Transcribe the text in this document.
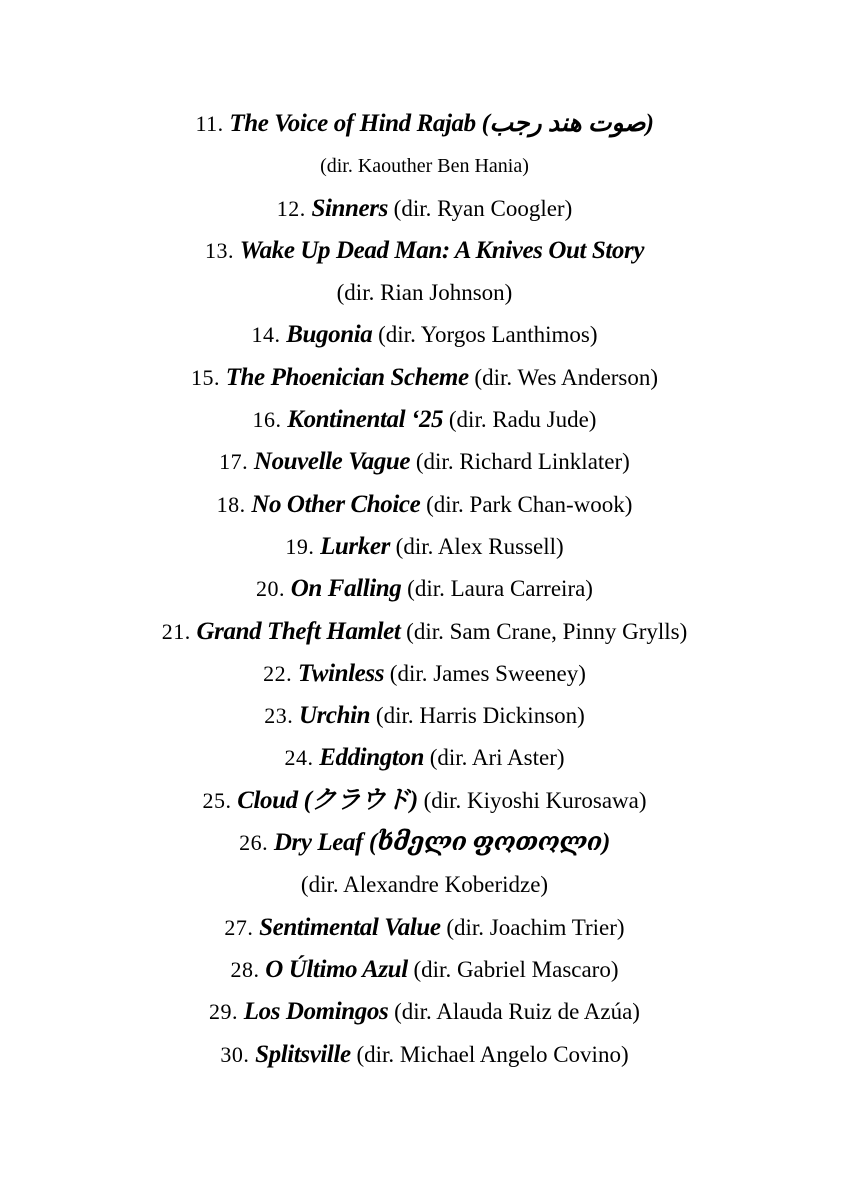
11. The Voice of Hind Rajab (صوت هند رجب)
(dir. Kaouther Ben Hania)
12. Sinners (dir. Ryan Coogler)
13. Wake Up Dead Man: A Knives Out Story
(dir. Rian Johnson)
14. Bugonia (dir. Yorgos Lanthimos)
15. The Phoenician Scheme (dir. Wes Anderson)
16. Kontinental ‘25 (dir. Radu Jude)
17. Nouvelle Vague (dir. Richard Linklater)
18. No Other Choice (dir. Park Chan-wook)
19. Lurker (dir. Alex Russell)
20. On Falling (dir. Laura Carreira)
21. Grand Theft Hamlet (dir. Sam Crane, Pinny Grylls)
22. Twinless (dir. James Sweeney)
23. Urchin (dir. Harris Dickinson)
24. Eddington (dir. Ari Aster)
25. Cloud (クラウド) (dir. Kiyoshi Kurosawa)
26. Dry Leaf (ხმელი ფოთოლი)
(dir. Alexandre Koberidze)
27. Sentimental Value (dir. Joachim Trier)
28. O Último Azul (dir. Gabriel Mascaro)
29. Los Domingos (dir. Alauda Ruiz de Azúa)
30. Splitsville (dir. Michael Angelo Covino)
